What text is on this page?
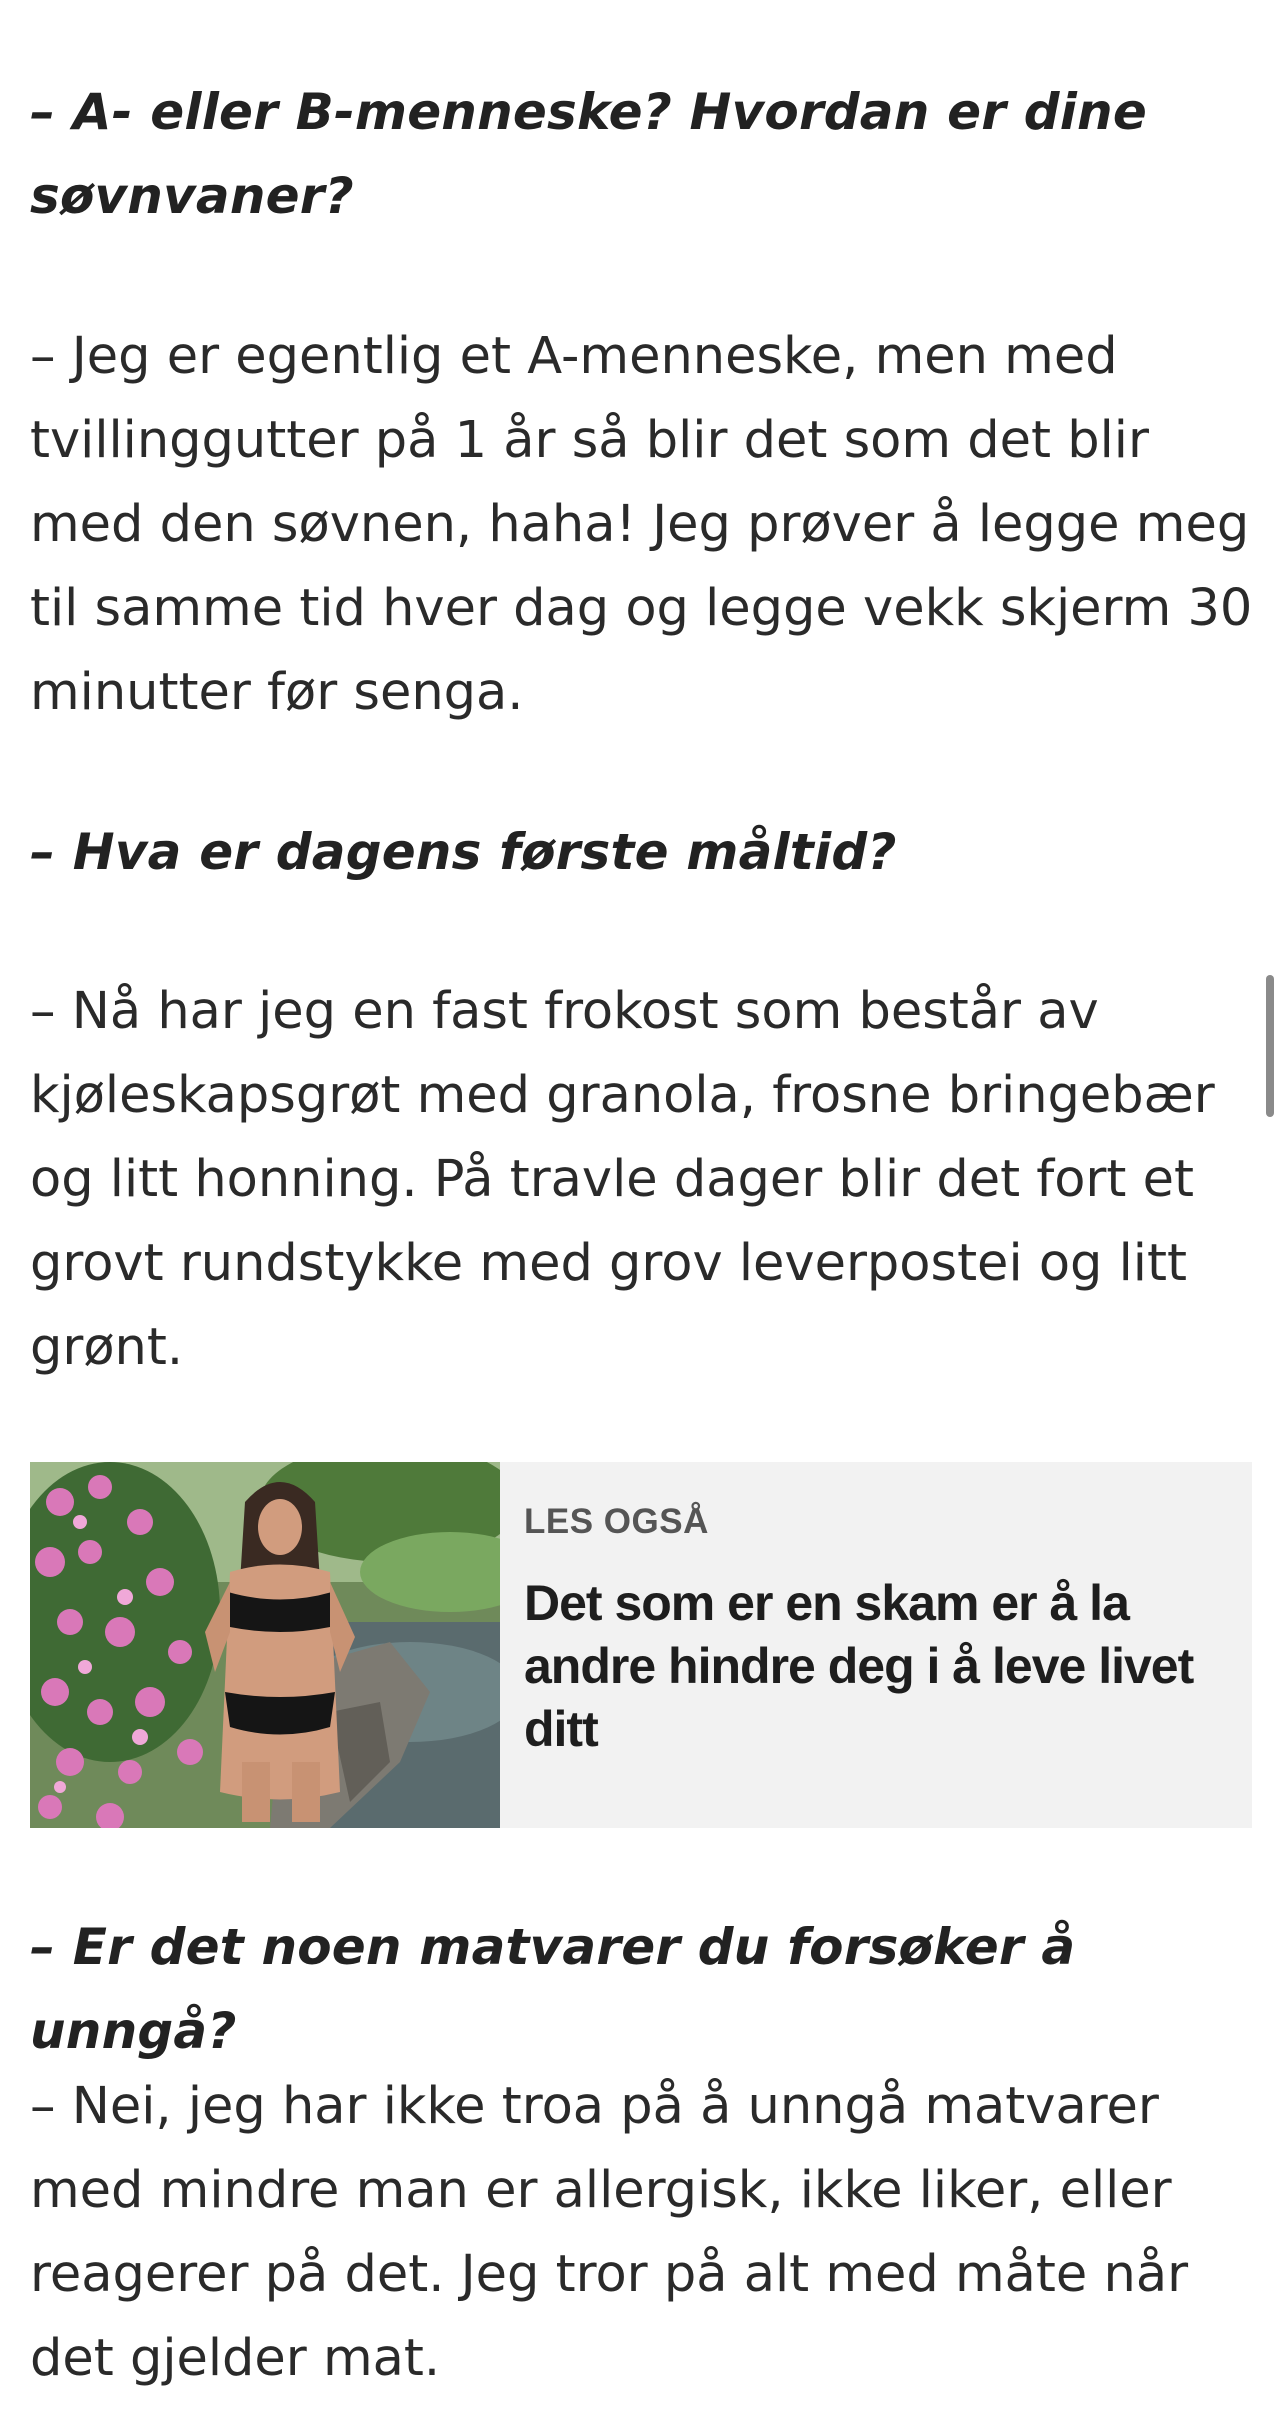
– A- eller B-menneske? Hvordan er dine søvnvaner?

– Jeg er egentlig et A-menneske, men med tvillinggutter på 1 år så blir det som det blir med den søvnen, haha! Jeg prøver å legge meg til samme tid hver dag og legge vekk skjerm 30 minutter før senga.

– Hva er dagens første måltid?

– Nå har jeg en fast frokost som består av kjøleskapsgrøt med granola, frosne bringebær og litt honning. På travle dager blir det fort et grovt rundstykke med grov leverpostei og litt grønt.

– Er det noen matvarer du forsøker å unngå?

– Nei, jeg har ikke troa på å unngå matvarer med mindre man er allergisk, ikke liker, eller reagerer på det. Jeg tror på alt med måte når det gjelder mat.

LES OGSÅ
Det som er en skam er å la andre hindre deg i å leve livet ditt
